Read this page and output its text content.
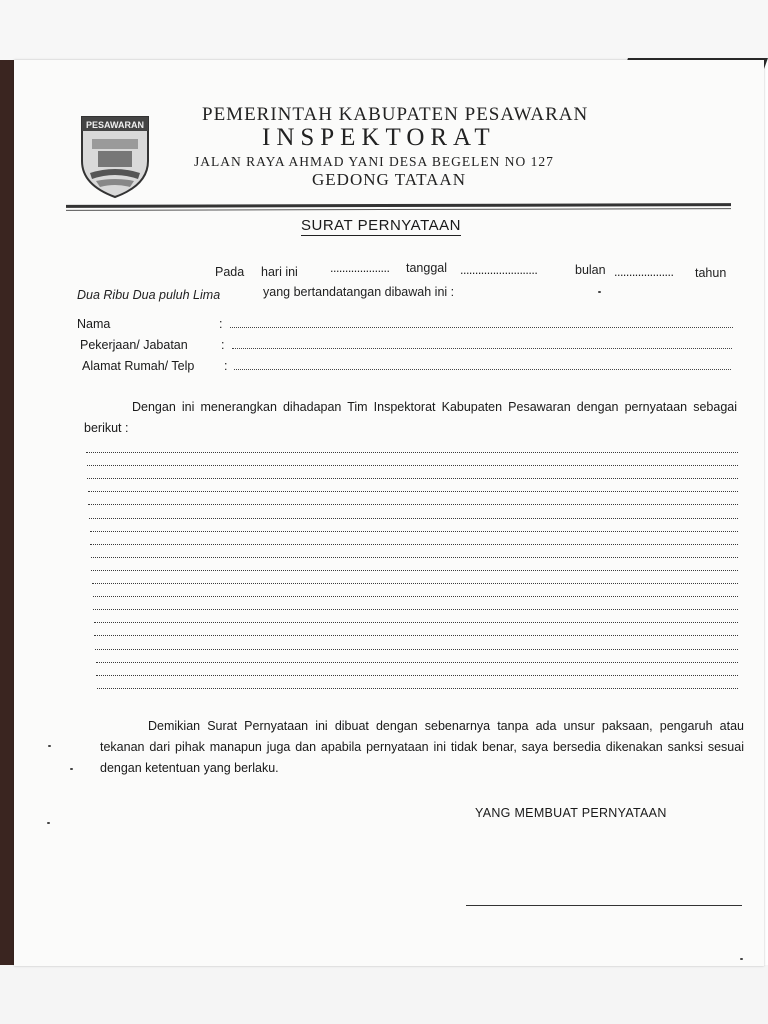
PESAWARAN	PEMERINTAH KABUPATEN PESAWARAN
INSPEKTORAT
JALAN RAYA AHMAD YANI DESA BEGELEN NO 127
GEDONG TATAAN
SURAT PERNYATAAN
Pada hari ini	.................... tanggal ..........................	bulan .................... tahun
Dua Ribu Dua puluh Lima	yang bertandatangan dibawah ini :
Nama	:
Pekerjaan/ Jabatan	:
Alamat Rumah/ Telp :
Dengan ini menerangkan dihadapan Tim Inspektorat Kabupaten Pesawaran dengan pernyataan sebagai berikut :
Demikian Surat Pernyataan ini dibuat dengan sebenarnya tanpa ada unsur paksaan, pengaruh atau tekanan dari pihak manapun juga dan apabila pernyataan ini tidak benar, saya bersedia dikenakan sanksi sesuai dengan ketentuan yang berlaku.
YANG MEMBUAT PERNYATAAN
